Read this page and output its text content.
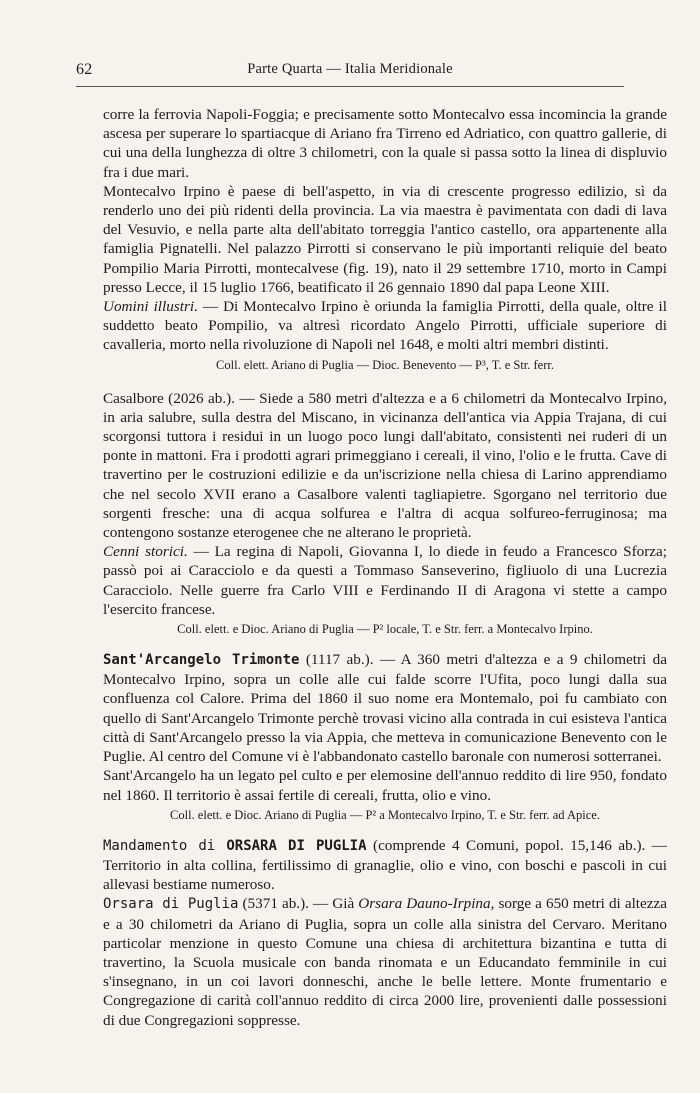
62	Parte Quarta — Italia Meridionale

corre la ferrovia Napoli-Foggia; e precisamente sotto Montecalvo essa incomincia la grande ascesa per superare lo spartiacque di Ariano fra Tirreno ed Adriatico, con quattro gallerie, di cui una della lunghezza di oltre 3 chilometri, con la quale si passa sotto la linea di displuvio fra i due mari.

Montecalvo Irpino è paese di bell'aspetto, in via di crescente progresso edilizio, sì da renderlo uno dei più ridenti della provincia. La via maestra è pavimentata con dadi di lava del Vesuvio, e nella parte alta dell'abitato torreggia l'antico castello, ora appartenente alla famiglia Pignatelli. Nel palazzo Pirrotti si conservano le più importanti reliquie del beato Pompilio Maria Pirrotti, montecalvese (fig. 19), nato il 29 settembre 1710, morto in Campi presso Lecce, il 15 luglio 1766, beatificato il 26 gennaio 1890 dal papa Leone XIII.

Uomini illustri. — Di Montecalvo Irpino è oriunda la famiglia Pirrotti, della quale, oltre il suddetto beato Pompilio, va altresì ricordato Angelo Pirrotti, ufficiale superiore di cavalleria, morto nella rivoluzione di Napoli nel 1648, e molti altri membri distinti.

Coll. elett. Ariano di Puglia — Dioc. Benevento — P³, T. e Str. ferr.

Casalbore (2026 ab.). — Siede a 580 metri d'altezza e a 6 chilometri da Montecalvo Irpino, in aria salubre, sulla destra del Miscano, in vicinanza dell'antica via Appia Trajana, di cui scorgonsi tuttora i residui in un luogo poco lungi dall'abitato, consistenti nei ruderi di un ponte in mattoni. Fra i prodotti agrari primeggiano i cereali, il vino, l'olio e le frutta. Cave di travertino per le costruzioni edilizie e da un'iscrizione nella chiesa di Larino apprendiamo che nel secolo XVII erano a Casalbore valenti tagliapietre. Sgorgano nel territorio due sorgenti fresche: una di acqua solfurea e l'altra di acqua solfureo-ferruginosa; ma contengono sostanze eterogenee che ne alterano le proprietà.

Cenni storici. — La regina di Napoli, Giovanna I, lo diede in feudo a Francesco Sforza; passò poi ai Caracciolo e da questi a Tommaso Sanseverino, figliuolo di una Lucrezia Caracciolo. Nelle guerre fra Carlo VIII e Ferdinando II di Aragona vi stette a campo l'esercito francese.

Coll. elett. e Dioc. Ariano di Puglia — P² locale, T. e Str. ferr. a Montecalvo Irpino.

Sant'Arcangelo Trimonte (1117 ab.). — A 360 metri d'altezza e a 9 chilometri da Montecalvo Irpino, sopra un colle alle cui falde scorre l'Ufita, poco lungi dalla sua confluenza col Calore. Prima del 1860 il suo nome era Montemalo, poi fu cambiato con quello di Sant'Arcangelo Trimonte perchè trovasi vicino alla contrada in cui esisteva l'antica città di Sant'Arcangelo presso la via Appia, che metteva in comunicazione Benevento con le Puglie. Al centro del Comune vi è l'abbandonato castello baronale con numerosi sotterranei.

Sant'Arcangelo ha un legato pel culto e per elemosine dell'annuo reddito di lire 950, fondato nel 1860. Il territorio è assai fertile di cereali, frutta, olio e vino.

Coll. elett. e Dioc. Ariano di Puglia — P² a Montecalvo Irpino, T. e Str. ferr. ad Apice.

Mandamento di ORSARA DI PUGLIA (comprende 4 Comuni, popol. 15,146 ab.). — Territorio in alta collina, fertilissimo di granaglie, olio e vino, con boschi e pascoli in cui allevasi bestiame numeroso.

Orsara di Puglia (5371 ab.). — Già Orsara Dauno-Irpina, sorge a 650 metri di altezza e a 30 chilometri da Ariano di Puglia, sopra un colle alla sinistra del Cervaro. Meritano particolar menzione in questo Comune una chiesa di architettura bizantina e tutta di travertino, la Scuola musicale con banda rinomata e un Educandato femminile in cui s'insegnano, in un coi lavori donneschi, anche le belle lettere. Monte frumentario e Congregazione di carità coll'annuo reddito di circa 2000 lire, provenienti dalle possessioni di due Congregazioni soppresse.
